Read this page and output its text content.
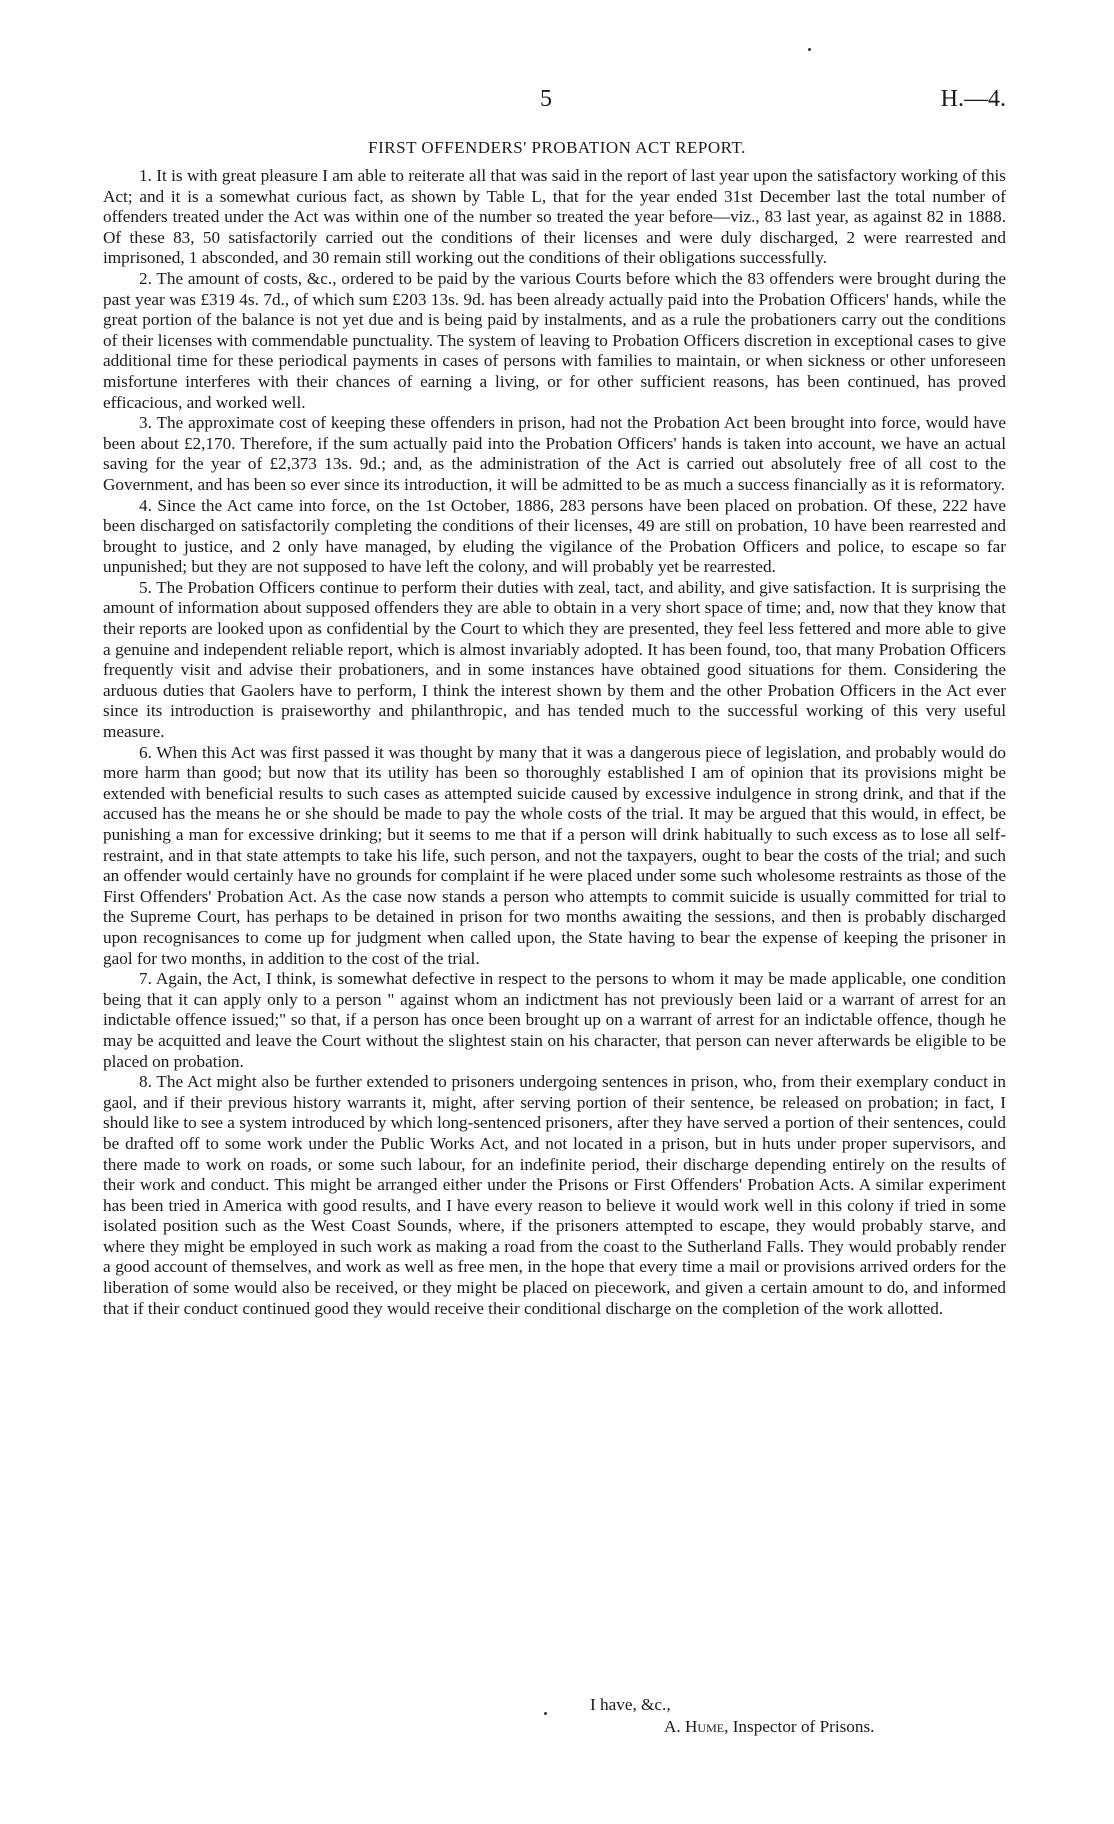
5	H.—4.
FIRST OFFENDERS' PROBATION ACT REPORT.

1. It is with great pleasure I am able to reiterate all that was said in the report of last year upon the satisfactory working of this Act; and it is a somewhat curious fact, as shown by Table L, that for the year ended 31st December last the total number of offenders treated under the Act was within one of the number so treated the year before—viz., 83 last year, as against 82 in 1888. Of these 83, 50 satisfactorily carried out the conditions of their licenses and were duly discharged, 2 were rearrested and imprisoned, 1 absconded, and 30 remain still working out the conditions of their obligations successfully.

2. The amount of costs, &c., ordered to be paid by the various Courts before which the 83 offenders were brought during the past year was £319 4s. 7d., of which sum £203 13s. 9d. has been already actually paid into the Probation Officers' hands, while the great portion of the balance is not yet due and is being paid by instalments, and as a rule the probationers carry out the conditions of their licenses with commendable punctuality. The system of leaving to Probation Officers discretion in exceptional cases to give additional time for these periodical payments in cases of persons with families to maintain, or when sickness or other unforeseen misfortune interferes with their chances of earning a living, or for other sufficient reasons, has been continued, has proved efficacious, and worked well.

3. The approximate cost of keeping these offenders in prison, had not the Probation Act been brought into force, would have been about £2,170. Therefore, if the sum actually paid into the Probation Officers' hands is taken into account, we have an actual saving for the year of £2,373 13s. 9d.; and, as the administration of the Act is carried out absolutely free of all cost to the Government, and has been so ever since its introduction, it will be admitted to be as much a success financially as it is reformatory.

4. Since the Act came into force, on the 1st October, 1886, 283 persons have been placed on probation. Of these, 222 have been discharged on satisfactorily completing the conditions of their licenses, 49 are still on probation, 10 have been rearrested and brought to justice, and 2 only have managed, by eluding the vigilance of the Probation Officers and police, to escape so far unpunished; but they are not supposed to have left the colony, and will probably yet be rearrested.

5. The Probation Officers continue to perform their duties with zeal, tact, and ability, and give satisfaction. It is surprising the amount of information about supposed offenders they are able to obtain in a very short space of time; and, now that they know that their reports are looked upon as confidential by the Court to which they are presented, they feel less fettered and more able to give a genuine and independent reliable report, which is almost invariably adopted. It has been found, too, that many Probation Officers frequently visit and advise their probationers, and in some instances have obtained good situations for them. Considering the arduous duties that Gaolers have to perform, I think the interest shown by them and the other Probation Officers in the Act ever since its introduction is praiseworthy and philanthropic, and has tended much to the successful working of this very useful measure.

6. When this Act was first passed it was thought by many that it was a dangerous piece of legislation, and probably would do more harm than good; but now that its utility has been so thoroughly established I am of opinion that its provisions might be extended with beneficial results to such cases as attempted suicide caused by excessive indulgence in strong drink, and that if the accused has the means he or she should be made to pay the whole costs of the trial. It may be argued that this would, in effect, be punishing a man for excessive drinking; but it seems to me that if a person will drink habitually to such excess as to lose all self-restraint, and in that state attempts to take his life, such person, and not the taxpayers, ought to bear the costs of the trial; and such an offender would certainly have no grounds for complaint if he were placed under some such wholesome restraints as those of the First Offenders' Probation Act. As the case now stands a person who attempts to commit suicide is usually committed for trial to the Supreme Court, has perhaps to be detained in prison for two months awaiting the sessions, and then is probably discharged upon recognisances to come up for judgment when called upon, the State having to bear the expense of keeping the prisoner in gaol for two months, in addition to the cost of the trial.

7. Again, the Act, I think, is somewhat defective in respect to the persons to whom it may be made applicable, one condition being that it can apply only to a person " against whom an indictment has not previously been laid or a warrant of arrest for an indictable offence issued;" so that, if a person has once been brought up on a warrant of arrest for an indictable offence, though he may be acquitted and leave the Court without the slightest stain on his character, that person can never afterwards be eligible to be placed on probation.

8. The Act might also be further extended to prisoners undergoing sentences in prison, who, from their exemplary conduct in gaol, and if their previous history warrants it, might, after serving portion of their sentence, be released on probation; in fact, I should like to see a system introduced by which long-sentenced prisoners, after they have served a portion of their sentences, could be drafted off to some work under the Public Works Act, and not located in a prison, but in huts under proper supervisors, and there made to work on roads, or some such labour, for an indefinite period, their discharge depending entirely on the results of their work and conduct. This might be arranged either under the Prisons or First Offenders' Probation Acts. A similar experiment has been tried in America with good results, and I have every reason to believe it would work well in this colony if tried in some isolated position such as the West Coast Sounds, where, if the prisoners attempted to escape, they would probably starve, and where they might be employed in such work as making a road from the coast to the Sutherland Falls. They would probably render a good account of themselves, and work as well as free men, in the hope that every time a mail or provisions arrived orders for the liberation of some would also be received, or they might be placed on piecework, and given a certain amount to do, and informed that if their conduct continued good they would receive their conditional discharge on the completion of the work allotted.

I have, &c.,
A. Hume, Inspector of Prisons.
